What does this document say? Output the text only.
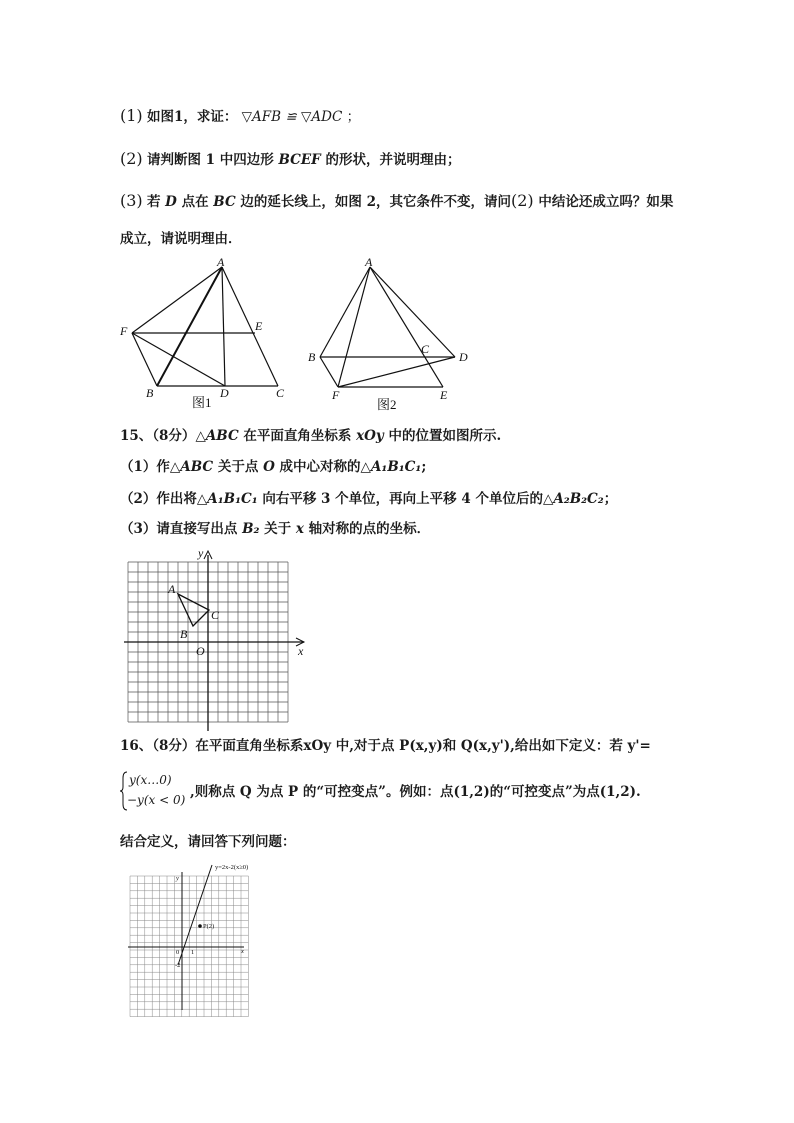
(1) 如图1，求证： ▽AFB ≌ ▽ADC ；
(2) 请判断图 1 中四边形 BCEF 的形状，并说明理由；
(3) 若 D 点在 BC 边的延长线上，如图 2，其它条件不变，请问(2) 中结论还成立吗？如果
成立，请说明理由．
A
F	E
B	D	C
图1
A
B
C
D
F	E
图2
15、（8分）△ABC 在平面直角坐标系 xOy 中的位置如图所示.
（1）作△ABC 关于点 O 成中心对称的△A₁B₁C₁;
（2）作出将△A₁B₁C₁ 向右平移 3 个单位，再向上平移 4 个单位后的△A₂B₂C₂；
（3）请直接写出点 B₂ 关于 x 轴对称的点的坐标．
y
x
O
A
B
C
16、（8分）在平面直角坐标系xOy 中,对于点 P(x,y)和 Q(x,y'),给出如下定义：若 y'=
y(x…0)
−y(x < 0) ,则称点 Q 为点 P 的“可控变点”。例如：点(1,2)的“可控变点”为点(1,2).
结合定义，请回答下列问题：
y=2x-2(x≥0)
y
x
0 1
-2
P(2)
